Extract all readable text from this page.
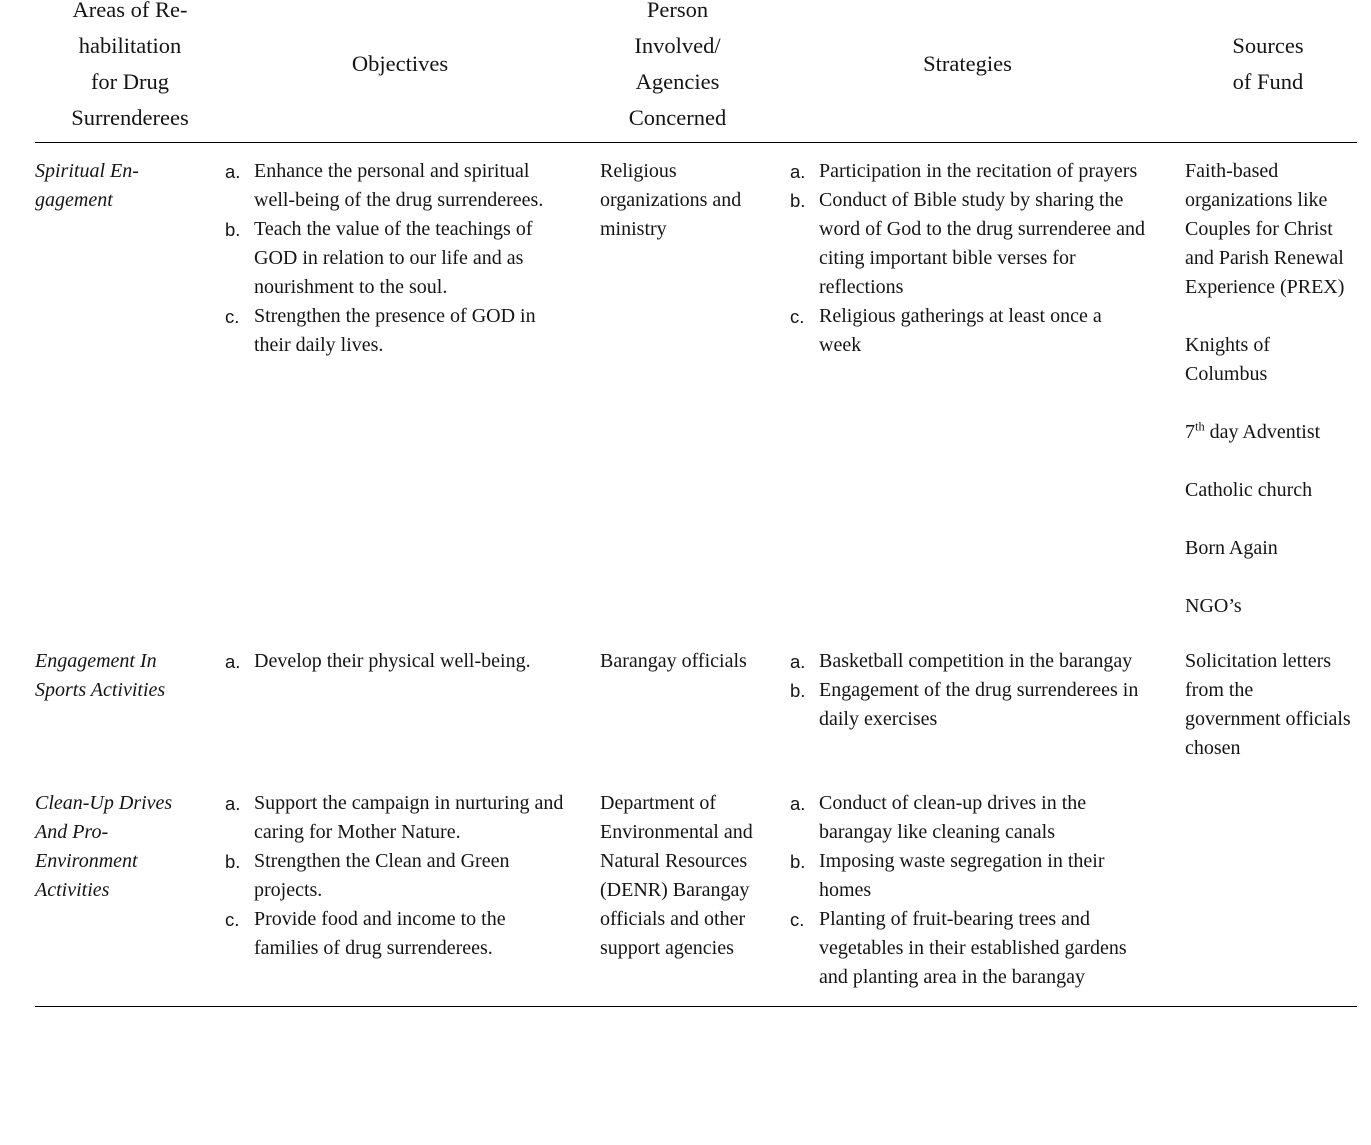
Areas of Re-
habilitation
for Drug
Surrenderees
Objectives
Person
Involved/
Agencies
Concerned
Strategies
Sources
of Fund
Spiritual En-
gagement
a. Enhance the personal and spiritual well-being of the drug surrenderees.
b. Teach the value of the teachings of GOD in relation to our life and as nourishment to the soul.
c. Strengthen the presence of GOD in their daily lives.
Religious organizations and ministry
a. Participation in the recitation of prayers
b. Conduct of Bible study by sharing the word of God to the drug surrenderee and citing important bible verses for reflections
c. Religious gatherings at least once a week
Faith-based organizations like Couples for Christ and Parish Renewal Experience (PREX)
Knights of Columbus
7th day Adventist
Catholic church
Born Again
NGO’s
Engagement In
Sports Activities
a. Develop their physical well-being.	Barangay officials	a. Basketball competition in the barangay
b. Engagement of the drug surrenderees in daily exercises
Solicitation letters from the government officials chosen
Clean-Up Drives
And Pro-
Environment
Activities
a. Support the campaign in nurturing and caring for Mother Nature.
b. Strengthen the Clean and Green projects.
c. Provide food and income to the families of drug surrenderees.
Department of Environmental and Natural Resources (DENR) Barangay officials and other support agencies
a. Conduct of clean-up drives in the barangay like cleaning canals
b. Imposing waste segregation in their homes
c. Planting of fruit-bearing trees and vegetables in their established gardens and planting area in the barangay
